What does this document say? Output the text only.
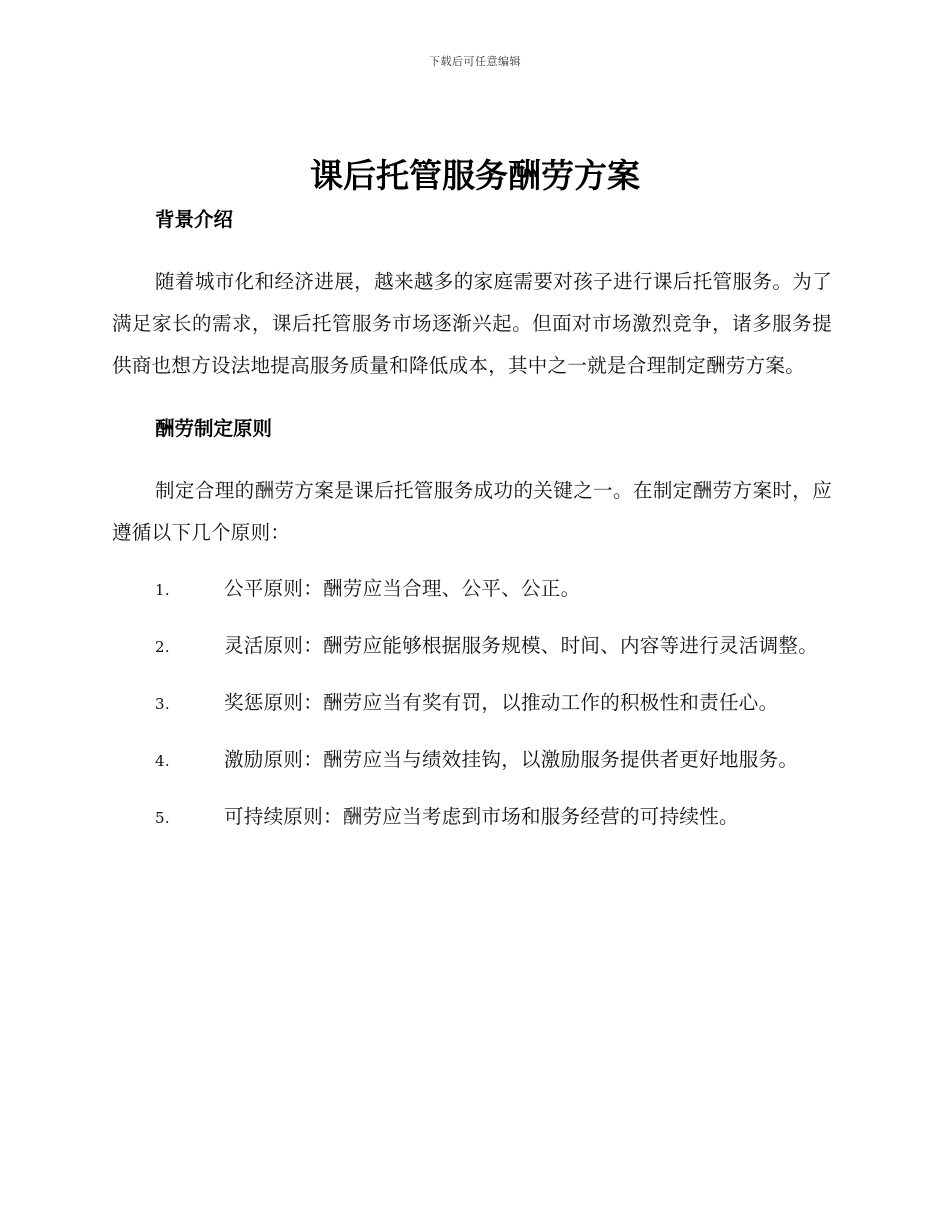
下载后可任意编辑
课后托管服务酬劳方案
背景介绍

随着城市化和经济进展，越来越多的家庭需要对孩子进行课后托管服务。为了满足家长的需求，课后托管服务市场逐渐兴起。但面对市场激烈竞争，诸多服务提供商也想方设法地提高服务质量和降低成本，其中之一就是合理制定酬劳方案。

酬劳制定原则

制定合理的酬劳方案是课后托管服务成功的关键之一。在制定酬劳方案时，应遵循以下几个原则：

1.	公平原则：酬劳应当合理、公平、公正。

2.	灵活原则：酬劳应能够根据服务规模、时间、内容等进行灵活调整。

3.	奖惩原则：酬劳应当有奖有罚，以推动工作的积极性和责任心。

4.	激励原则：酬劳应当与绩效挂钩，以激励服务提供者更好地服务。

5.	可持续原则：酬劳应当考虑到市场和服务经营的可持续性。
